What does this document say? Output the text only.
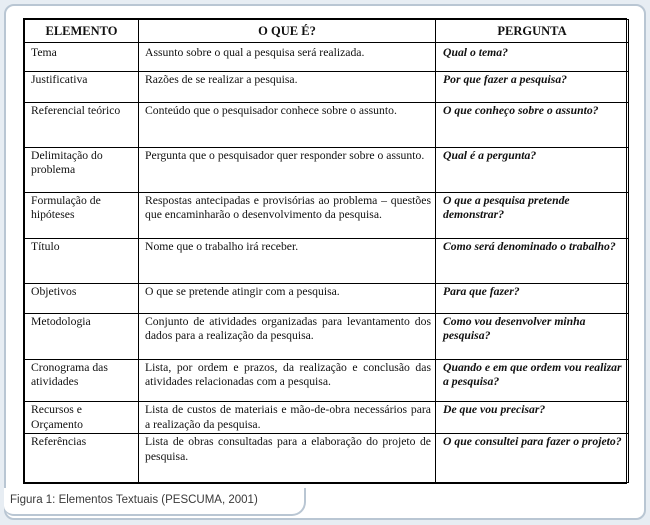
ELEMENTO	O QUE É?	PERGUNTA
Tema	Assunto sobre o qual a pesquisa será realizada.	Qual o tema?
Justificativa	Razões de se realizar a pesquisa.	Por que fazer a pesquisa?
Referencial teórico	Conteúdo que o pesquisador conhece sobre o assunto.	O que conheço sobre o assunto?
Delimitação do problema	Pergunta que o pesquisador quer responder sobre o assunto.	Qual é a pergunta?
Formulação de hipóteses	Respostas antecipadas e provisórias ao problema – questões que encaminharão o desenvolvimento da pesquisa.	O que a pesquisa pretende demonstrar?
Título	Nome que o trabalho irá receber.	Como será denominado o trabalho?
Objetivos	O que se pretende atingir com a pesquisa.	Para que fazer?
Metodologia	Conjunto de atividades organizadas para levantamento dos dados para a realização da pesquisa.	Como vou desenvolver minha pesquisa?
Cronograma das atividades	Lista, por ordem e prazos, da realização e conclusão das atividades relacionadas com a pesquisa.	Quando e em que ordem vou realizar a pesquisa?
Recursos e Orçamento	Lista de custos de materiais e mão-de-obra necessários para a realização da pesquisa.	De que vou precisar?
Referências	Lista de obras consultadas para a elaboração do projeto de pesquisa.	O que consultei para fazer o projeto?
Figura 1: Elementos Textuais (PESCUMA, 2001)
